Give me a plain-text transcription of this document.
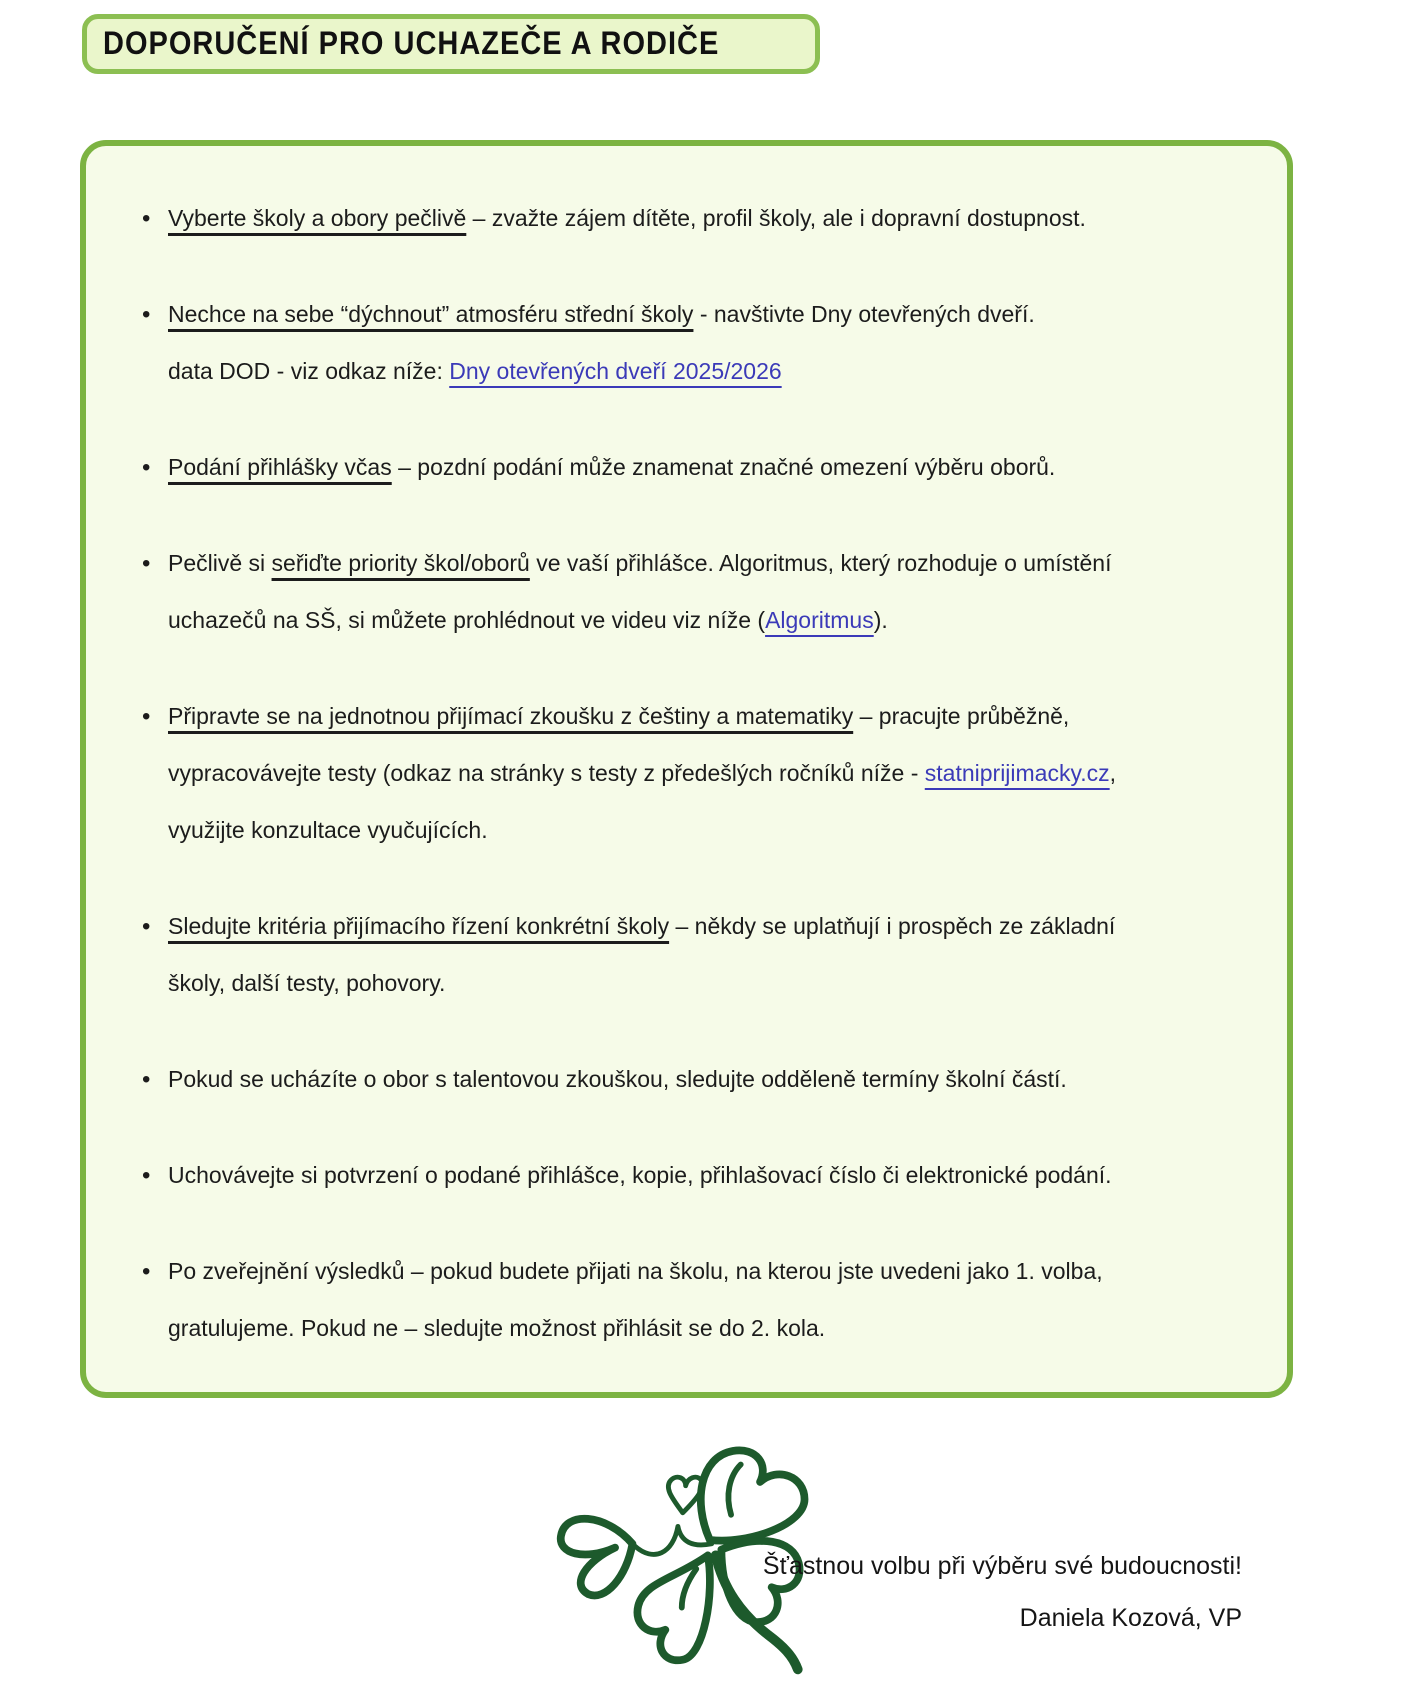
DOPORUČENÍ PRO UCHAZEČE A RODIČE
• Vyberte školy a obory pečlivě – zvažte zájem dítěte, profil školy, ale i dopravní dostupnost.
• Nechce na sebe “dýchnout” atmosféru střední školy - navštivte Dny otevřených dveří.
data DOD - viz odkaz níže: Dny otevřených dveří 2025/2026
• Podání přihlášky včas – pozdní podání může znamenat značné omezení výběru oborů.
• Pečlivě si seřiďte priority škol/oborů ve vaší přihlášce. Algoritmus, který rozhoduje o umístění
uchazečů na SŠ, si můžete prohlédnout ve videu viz níže (Algoritmus).
• Připravte se na jednotnou přijímací zkoušku z češtiny a matematiky – pracujte průběžně,
vypracovávejte testy (odkaz na stránky s testy z předešlých ročníků níže - statniprijimacky.cz,
využijte konzultace vyučujících.
• Sledujte kritéria přijímacího řízení konkrétní školy – někdy se uplatňují i prospěch ze základní
školy, další testy, pohovory.
• Pokud se ucházíte o obor s talentovou zkouškou, sledujte odděleně termíny školní částí.
• Uchovávejte si potvrzení o podané přihlášce, kopie, přihlašovací číslo či elektronické podání.
• Po zveřejnění výsledků – pokud budete přijati na školu, na kterou jste uvedeni jako 1. volba,
gratulujeme. Pokud ne – sledujte možnost přihlásit se do 2. kola.
Šťastnou volbu při výběru své budoucnosti!
Daniela Kozová, VP
